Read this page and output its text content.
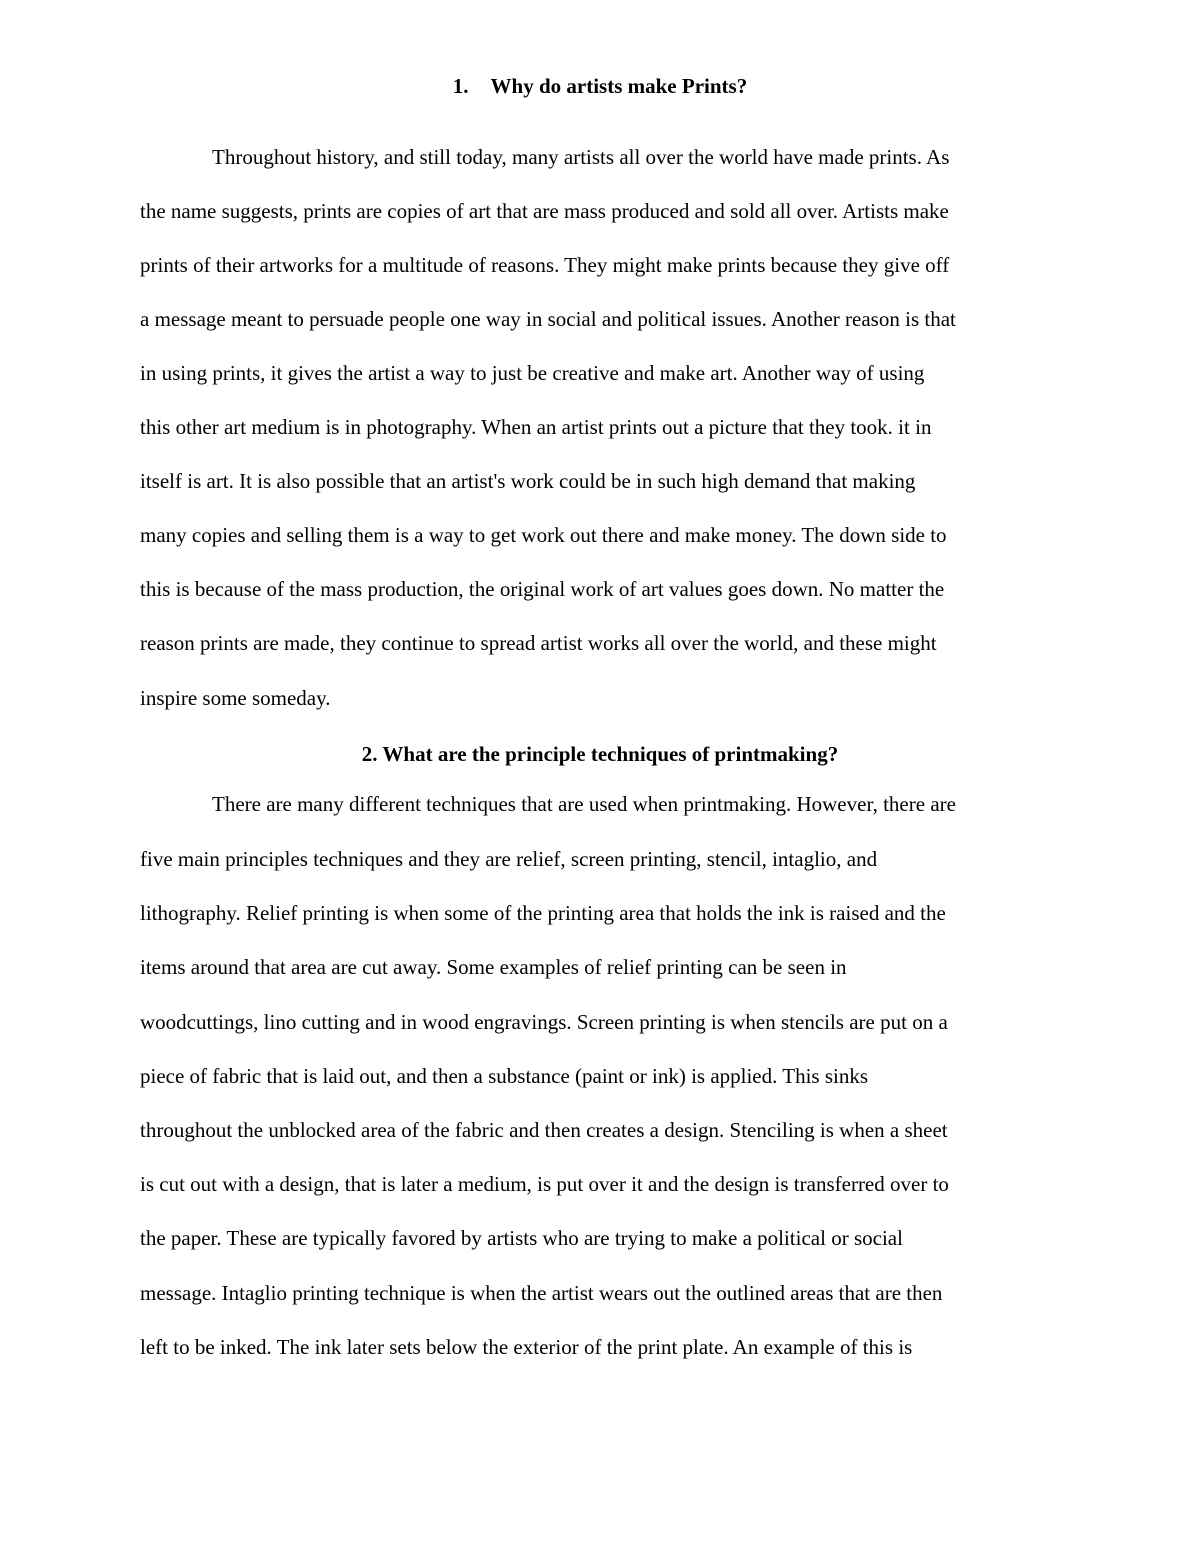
1. Why do artists make Prints?
Throughout history, and still today, many artists all over the world have made prints. As
the name suggests, prints are copies of art that are mass produced and sold all over. Artists make
prints of their artworks for a multitude of reasons. They might make prints because they give off
a message meant to persuade people one way in social and political issues. Another reason is that
in using prints, it gives the artist a way to just be creative and make art. Another way of using
this other art medium is in photography. When an artist prints out a picture that they took. it in
itself is art. It is also possible that an artist's work could be in such high demand that making
many copies and selling them is a way to get work out there and make money. The down side to
this is because of the mass production, the original work of art values goes down. No matter the
reason prints are made, they continue to spread artist works all over the world, and these might
inspire some someday.
2. What are the principle techniques of printmaking?
There are many different techniques that are used when printmaking. However, there are
five main principles techniques and they are relief, screen printing, stencil, intaglio, and
lithography. Relief printing is when some of the printing area that holds the ink is raised and the
items around that area are cut away. Some examples of relief printing can be seen in
woodcuttings, lino cutting and in wood engravings. Screen printing is when stencils are put on a
piece of fabric that is laid out, and then a substance (paint or ink) is applied. This sinks
throughout the unblocked area of the fabric and then creates a design. Stenciling is when a sheet
is cut out with a design, that is later a medium, is put over it and the design is transferred over to
the paper. These are typically favored by artists who are trying to make a political or social
message. Intaglio printing technique is when the artist wears out the outlined areas that are then
left to be inked. The ink later sets below the exterior of the print plate. An example of this is
